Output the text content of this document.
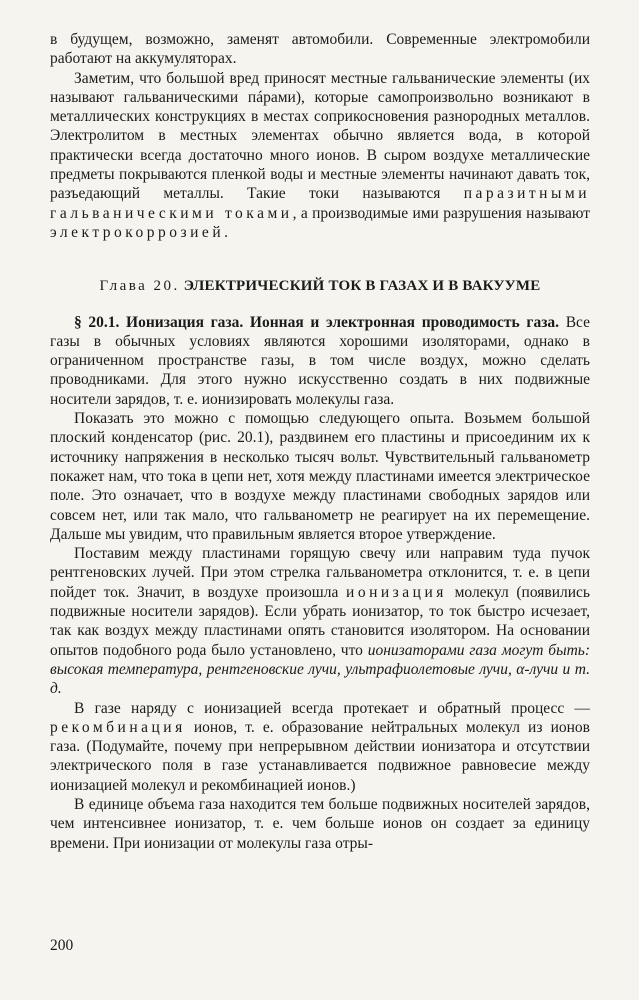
в будущем, возможно, заменят автомобили. Современные электромобили работают на аккумуляторах.

Заметим, что большой вред приносят местные гальванические элементы (их называют гальваническими пáрами), которые самопроизвольно возникают в металлических конструкциях в местах соприкосновения разнородных металлов. Электролитом в местных элементах обычно является вода, в которой практически всегда достаточно много ионов. В сыром воздухе металлические предметы покрываются пленкой воды и местные элементы начинают давать ток, разъедающий металлы. Такие токи называются паразитными гальваническими токами, а производимые ими разрушения называют электрокоррозией.

Глава 20. ЭЛЕКТРИЧЕСКИЙ ТОК В ГАЗАХ И В ВАКУУМЕ

§ 20.1. Ионизация газа. Ионная и электронная проводимость газа. Все газы в обычных условиях являются хорошими изоляторами, однако в ограниченном пространстве газы, в том числе воздух, можно сделать проводниками. Для этого нужно искусственно создать в них подвижные носители зарядов, т. е. ионизировать молекулы газа.

Показать это можно с помощью следующего опыта. Возьмем большой плоский конденсатор (рис. 20.1), раздвинем его пластины и присоединим их к источнику напряжения в несколько тысяч вольт. Чувствительный гальванометр покажет нам, что тока в цепи нет, хотя между пластинами имеется электрическое поле. Это означает, что в воздухе между пластинами свободных зарядов или совсем нет, или так мало, что гальванометр не реагирует на их перемещение. Дальше мы увидим, что правильным является второе утверждение.

Поставим между пластинами горящую свечу или направим туда пучок рентгеновских лучей. При этом стрелка гальванометра отклонится, т. е. в цепи пойдет ток. Значит, в воздухе произошла ионизация молекул (появились подвижные носители зарядов). Если убрать ионизатор, то ток быстро исчезает, так как воздух между пластинами опять становится изолятором. На основании опытов подобного рода было установлено, что ионизаторами газа могут быть: высокая температура, рентгеновские лучи, ультрафиолетовые лучи, α-лучи и т. д.

В газе наряду с ионизацией всегда протекает и обратный процесс — рекомбинация ионов, т. е. образование нейтральных молекул из ионов газа. (Подумайте, почему при непрерывном действии ионизатора и отсутствии электрического поля в газе устанавливается подвижное равновесие между ионизацией молекул и рекомбинацией ионов.)

В единице объема газа находится тем больше подвижных носителей зарядов, чем интенсивнее ионизатор, т. е. чем больше ионов он создает за единицу времени. При ионизации от молекулы газа отры-

200
